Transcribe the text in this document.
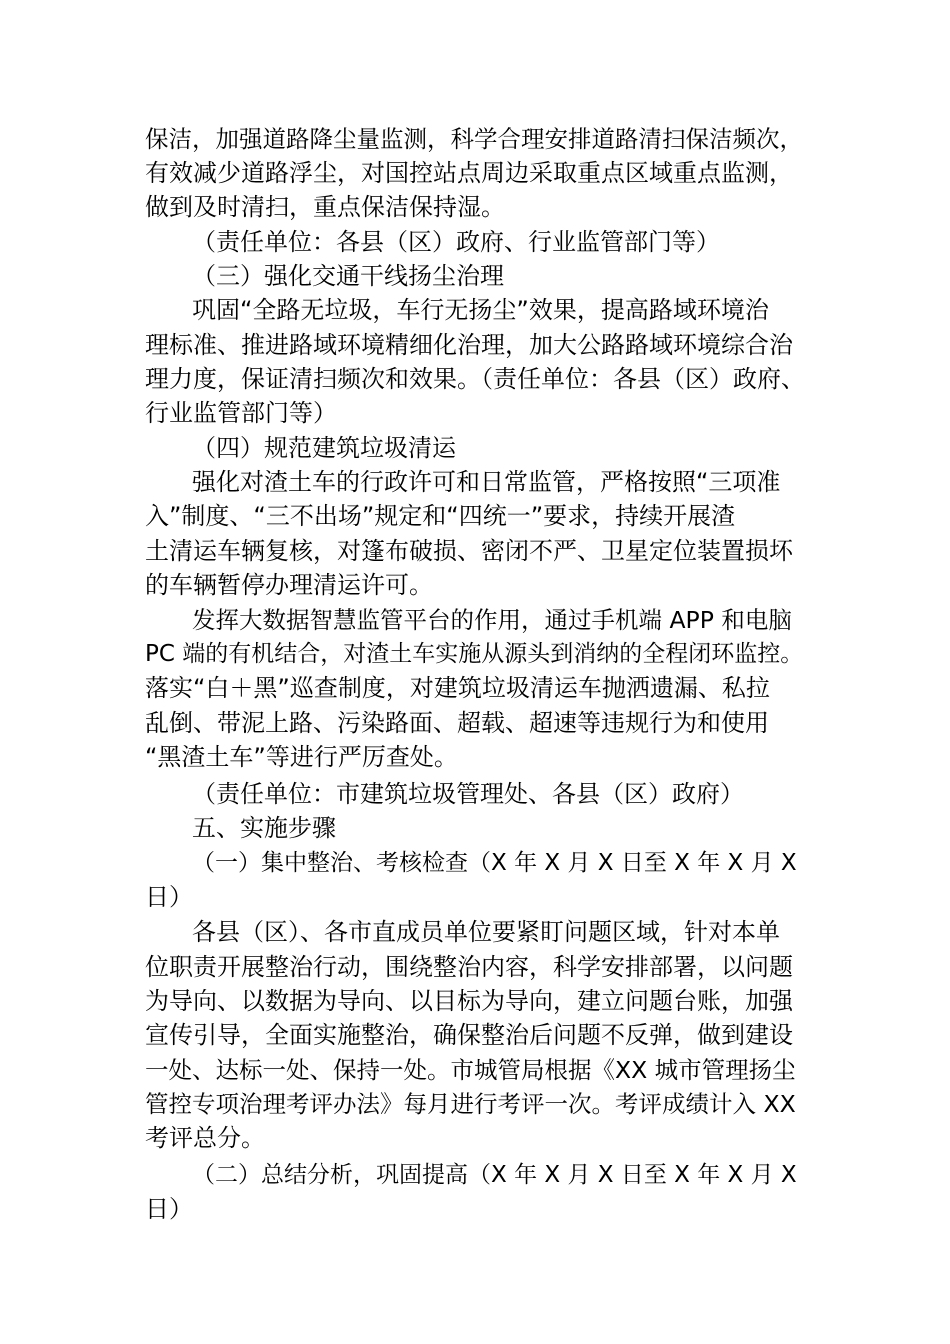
保洁，加强道路降尘量监测，科学合理安排道路清扫保洁频次，

有效减少道路浮尘，对国控站点周边采取重点区域重点监测，

做到及时清扫，重点保洁保持湿。

（责任单位：各县（区）政府、行业监管部门等）

（三）强化交通干线扬尘治理

巩固“全路无垃圾，车行无扬尘”效果，提高路域环境治

理标准、推进路域环境精细化治理，加大公路路域环境综合治

理力度，保证清扫频次和效果。（责任单位：各县（区）政府、

行业监管部门等）

（四）规范建筑垃圾清运

强化对渣土车的行政许可和日常监管，严格按照“三项准

入”制度、“三不出场”规定和“四统一”要求，持续开展渣

土清运车辆复核，对篷布破损、密闭不严、卫星定位装置损坏

的车辆暂停办理清运许可。

发挥大数据智慧监管平台的作用，通过手机端 APP 和电脑

PC 端的有机结合，对渣土车实施从源头到消纳的全程闭环监控。

落实“白＋黑”巡查制度，对建筑垃圾清运车抛洒遗漏、私拉

乱倒、带泥上路、污染路面、超载、超速等违规行为和使用

“黑渣土车”等进行严厉查处。

（责任单位：市建筑垃圾管理处、各县（区）政府）

五、实施步骤

（一）集中整治、考核检查（X 年 X 月 X 日至 X 年 X 月 X

日）

各县（区）、各市直成员单位要紧盯问题区域，针对本单

位职责开展整治行动，围绕整治内容，科学安排部署，以问题

为导向、以数据为导向、以目标为导向，建立问题台账，加强

宣传引导，全面实施整治，确保整治后问题不反弹，做到建设

一处、达标一处、保持一处。市城管局根据《XX 城市管理扬尘

管控专项治理考评办法》每月进行考评一次。考评成绩计入 XX

考评总分。

（二）总结分析，巩固提高（X 年 X 月 X 日至 X 年 X 月 X

日）
